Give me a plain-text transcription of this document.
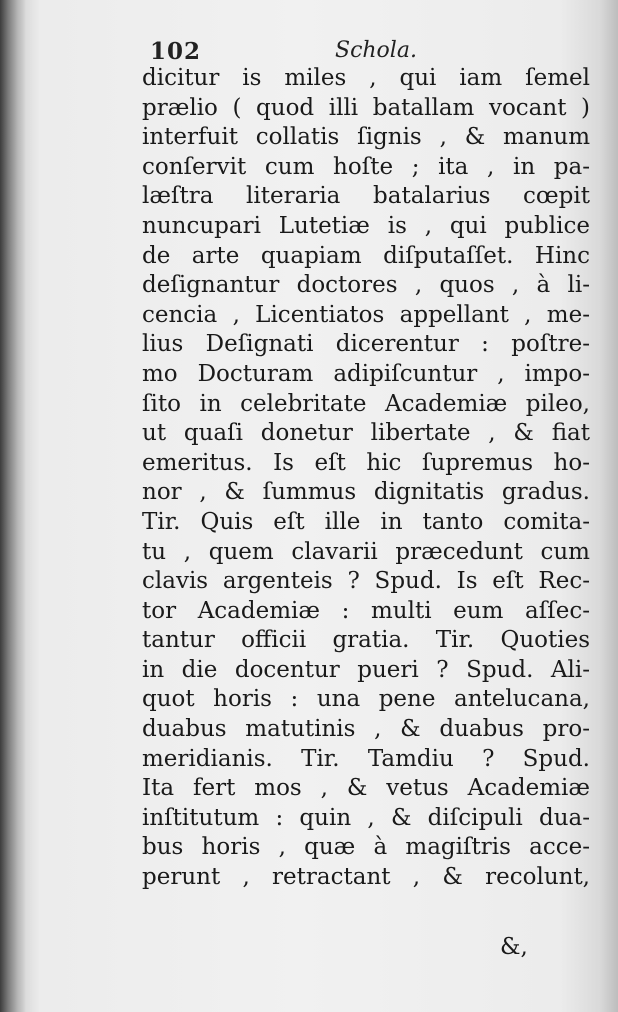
102	Schola.
dicitur is miles , qui iam ſemel
prælio ( quod illi batallam vocant )
interfuit collatis ſignis , & manum
conſervit cum hoſte ; ita , in pa-
læſtra literaria batalarius cœpit
nuncupari Lutetiæ is , qui publice
de arte quapiam diſputaſſet. Hinc
deſignantur doctores , quos , à li-
cencia , Licentiatos appellant , me-
lius Deſignati dicerentur : poſtre-
mo Docturam adipiſcuntur , impo-
ſito in celebritate Academiæ pileo,
ut quaſi donetur libertate , & fiat
emeritus. Is eſt hic ſupremus ho-
nor , & ſummus dignitatis gradus.
Tir. Quis eſt ille in tanto comita-
tu , quem clavarii præcedunt cum
clavis argenteis ? Spud. Is eſt Rec-
tor Academiæ : multi eum aſſec-
tantur officii gratia. Tir. Quoties
in die docentur pueri ? Spud. Ali-
quot horis : una pene antelucana,
duabus matutinis , & duabus pro-
meridianis. Tir. Tamdiu ? Spud.
Ita fert mos , & vetus Academiæ
inſtitutum : quin , & diſcipuli dua-
bus horis , quæ à magiſtris acce-
perunt , retractant , & recolunt,
&,
